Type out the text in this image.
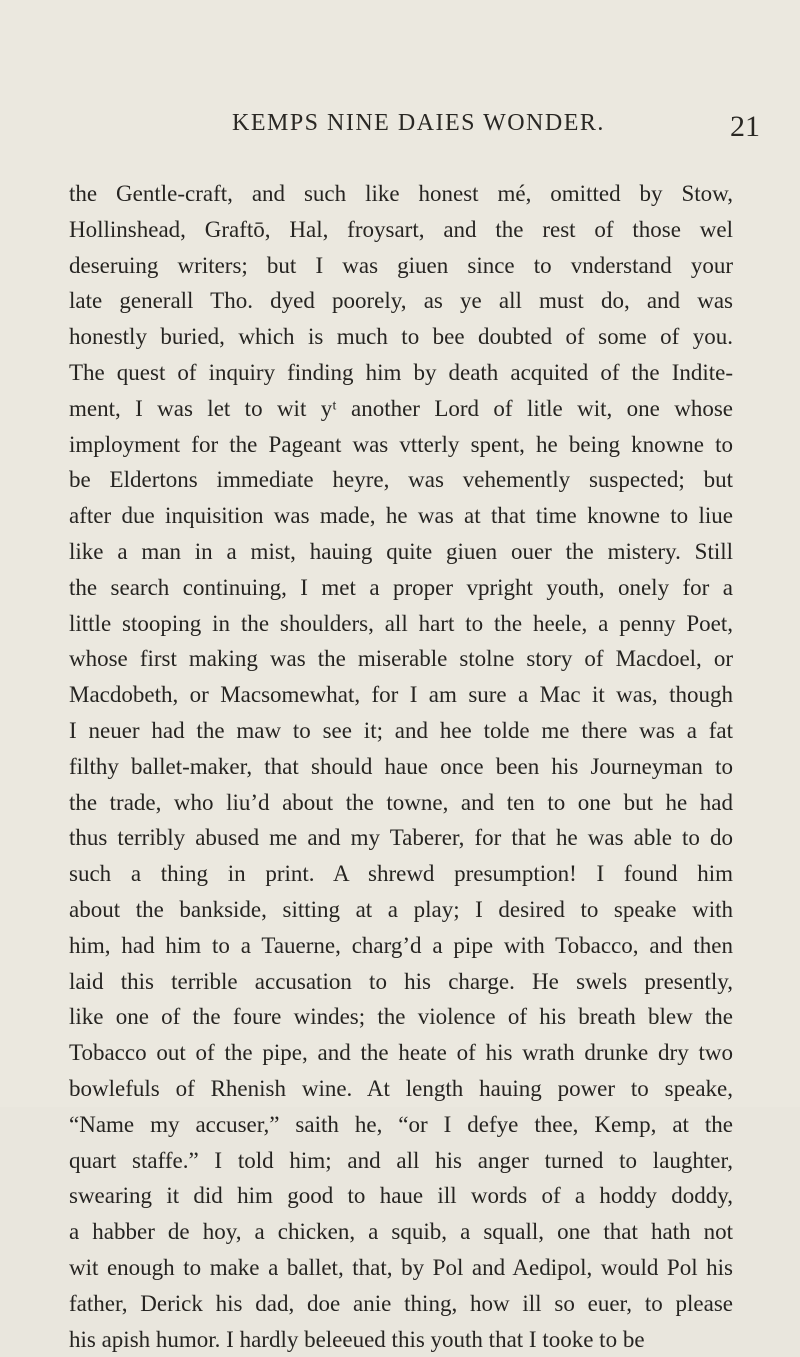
KEMPS NINE DAIES WONDER.	21
the Gentle-craft, and such like honest mé, omitted by Stow,
Hollinshead, Graftō, Hal, froysart, and the rest of those wel
deseruing writers; but I was giuen since to vnderstand your
late generall Tho. dyed poorely, as ye all must do, and was
honestly buried, which is much to bee doubted of some of you.
The quest of inquiry finding him by death acquited of the Indite-
ment, I was let to wit yᵗ another Lord of litle wit, one whose
imployment for the Pageant was vtterly spent, he being knowne to
be Eldertons immediate heyre, was vehemently suspected; but
after due inquisition was made, he was at that time knowne to liue
like a man in a mist, hauing quite giuen ouer the mistery. Still
the search continuing, I met a proper vpright youth, onely for a
little stooping in the shoulders, all hart to the heele, a penny Poet,
whose first making was the miserable stolne story of Macdoel, or
Macdobeth, or Macsomewhat, for I am sure a Mac it was, though
I neuer had the maw to see it; and hee tolde me there was a fat
filthy ballet-maker, that should haue once been his Journeyman to
the trade, who liu’d about the towne, and ten to one but he had
thus terribly abused me and my Taberer, for that he was able to do
such a thing in print. A shrewd presumption! I found him
about the bankside, sitting at a play; I desired to speake with
him, had him to a Tauerne, charg’d a pipe with Tobacco, and then
laid this terrible accusation to his charge. He swels presently,
like one of the foure windes; the violence of his breath blew the
Tobacco out of the pipe, and the heate of his wrath drunke dry two
bowlefuls of Rhenish wine. At length hauing power to speake,
“Name my accuser,” saith he, “or I defye thee, Kemp, at the
quart staffe.” I told him; and all his anger turned to laughter,
swearing it did him good to haue ill words of a hoddy doddy,
a habber de hoy, a chicken, a squib, a squall, one that hath not
wit enough to make a ballet, that, by Pol and Aedipol, would Pol his
father, Derick his dad, doe anie thing, how ill so euer, to please
his apish humor. I hardly beleeued this youth that I tooke to be
